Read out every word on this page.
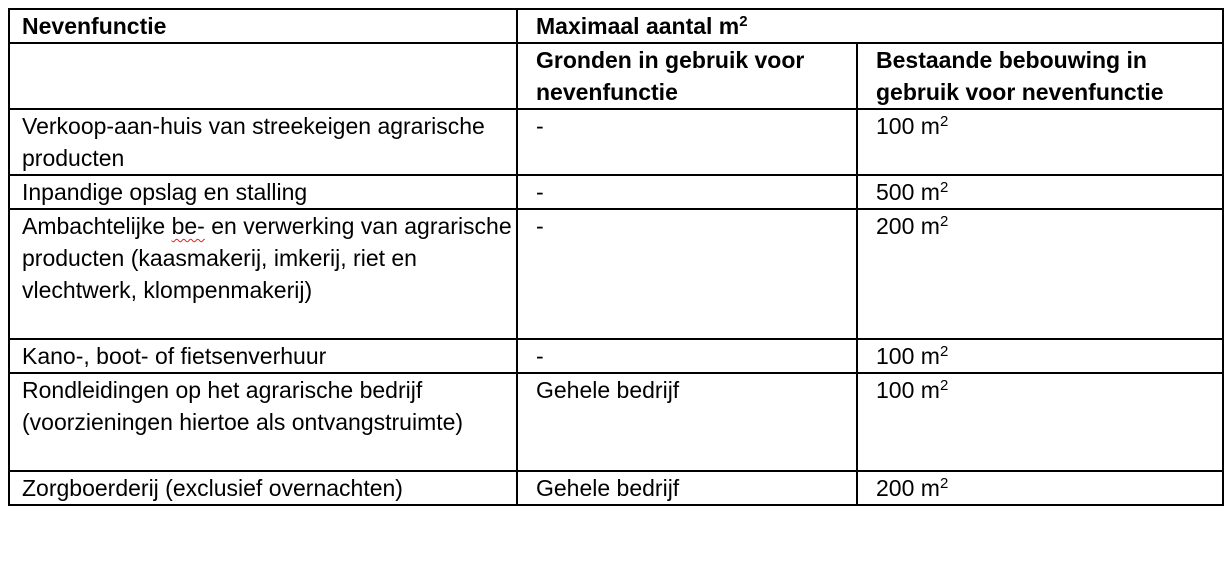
Nevenfunctie	Maximaal aantal $m^2$
	Gronden in gebruik voor nevenfunctie	Bestaande bebouwing in gebruik voor nevenfunctie
Verkoop-aan-huis van streekeigen agrarische producten	-	100 $m^2$
Inpandige opslag en stalling	-	500 $m^2$
Ambachtelijke be- en verwerking van agrarische producten (kaasmakerij, imkerij, riet en vlechtwerk, klompenmakerij)	-	200 $m^2$
Kano-, boot- of fietsenverhuur	-	100 $m^2$
Rondleidingen op het agrarische bedrijf (voorzieningen hiertoe als ontvangstruimte)	Gehele bedrijf	100 $m^2$
Zorgboerderij (exclusief overnachten)	Gehele bedrijf	200 $m^2$
